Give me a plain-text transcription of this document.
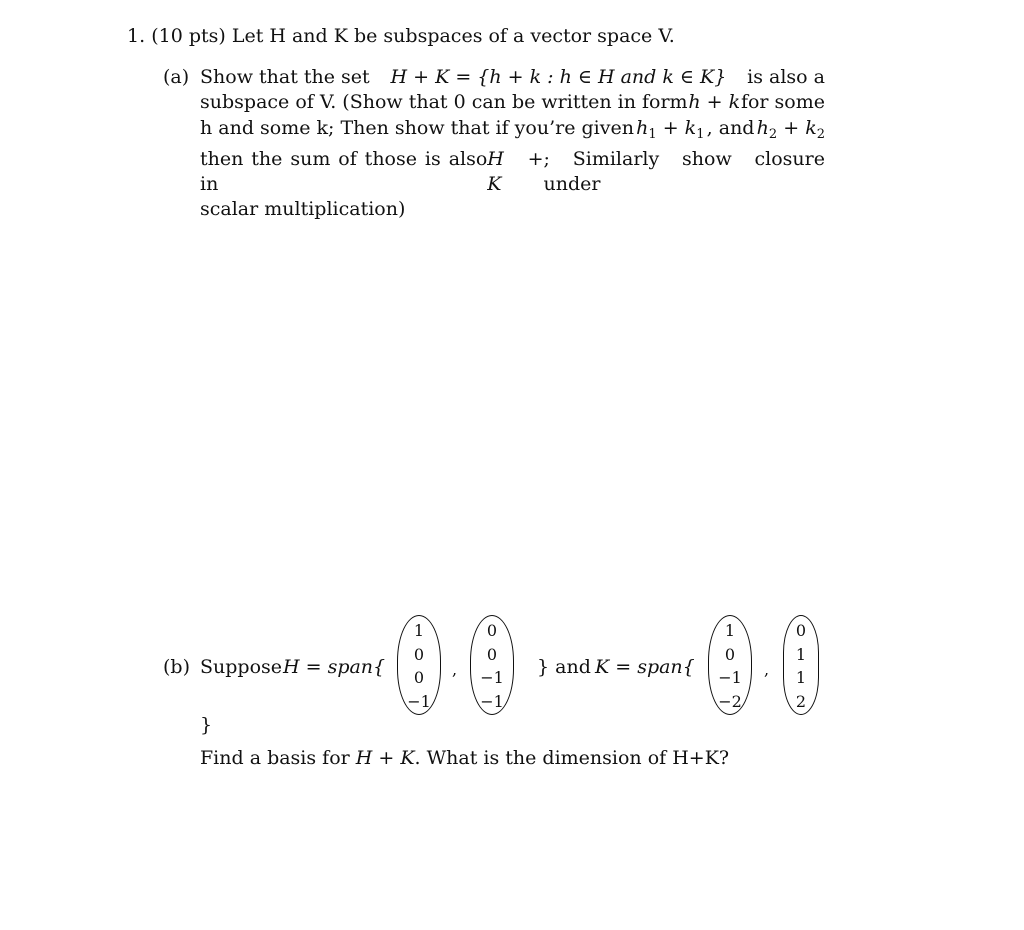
1. (10 pts) Let H and K be subspaces of a vector space V.
(a) Show that the set H + K = {h + k : h ∈ H and k ∈ K} is also a
subspace of V. (Show that 0 can be written in form h + k for some
h and some k; Then show that if you’re given $h_1 + k_1$ , and $h_2 + k_2$
then the sum of those is also in
H + K
; Similarly show closure under
scalar multiplication)
(b) Suppose H = span{
1
0
0
−1
,
0
0
−1
−1
} and K = span{
1
0
−1
−2
,
0
1
1
2
}
Find a basis for H + K. What is the dimension of H+K?
